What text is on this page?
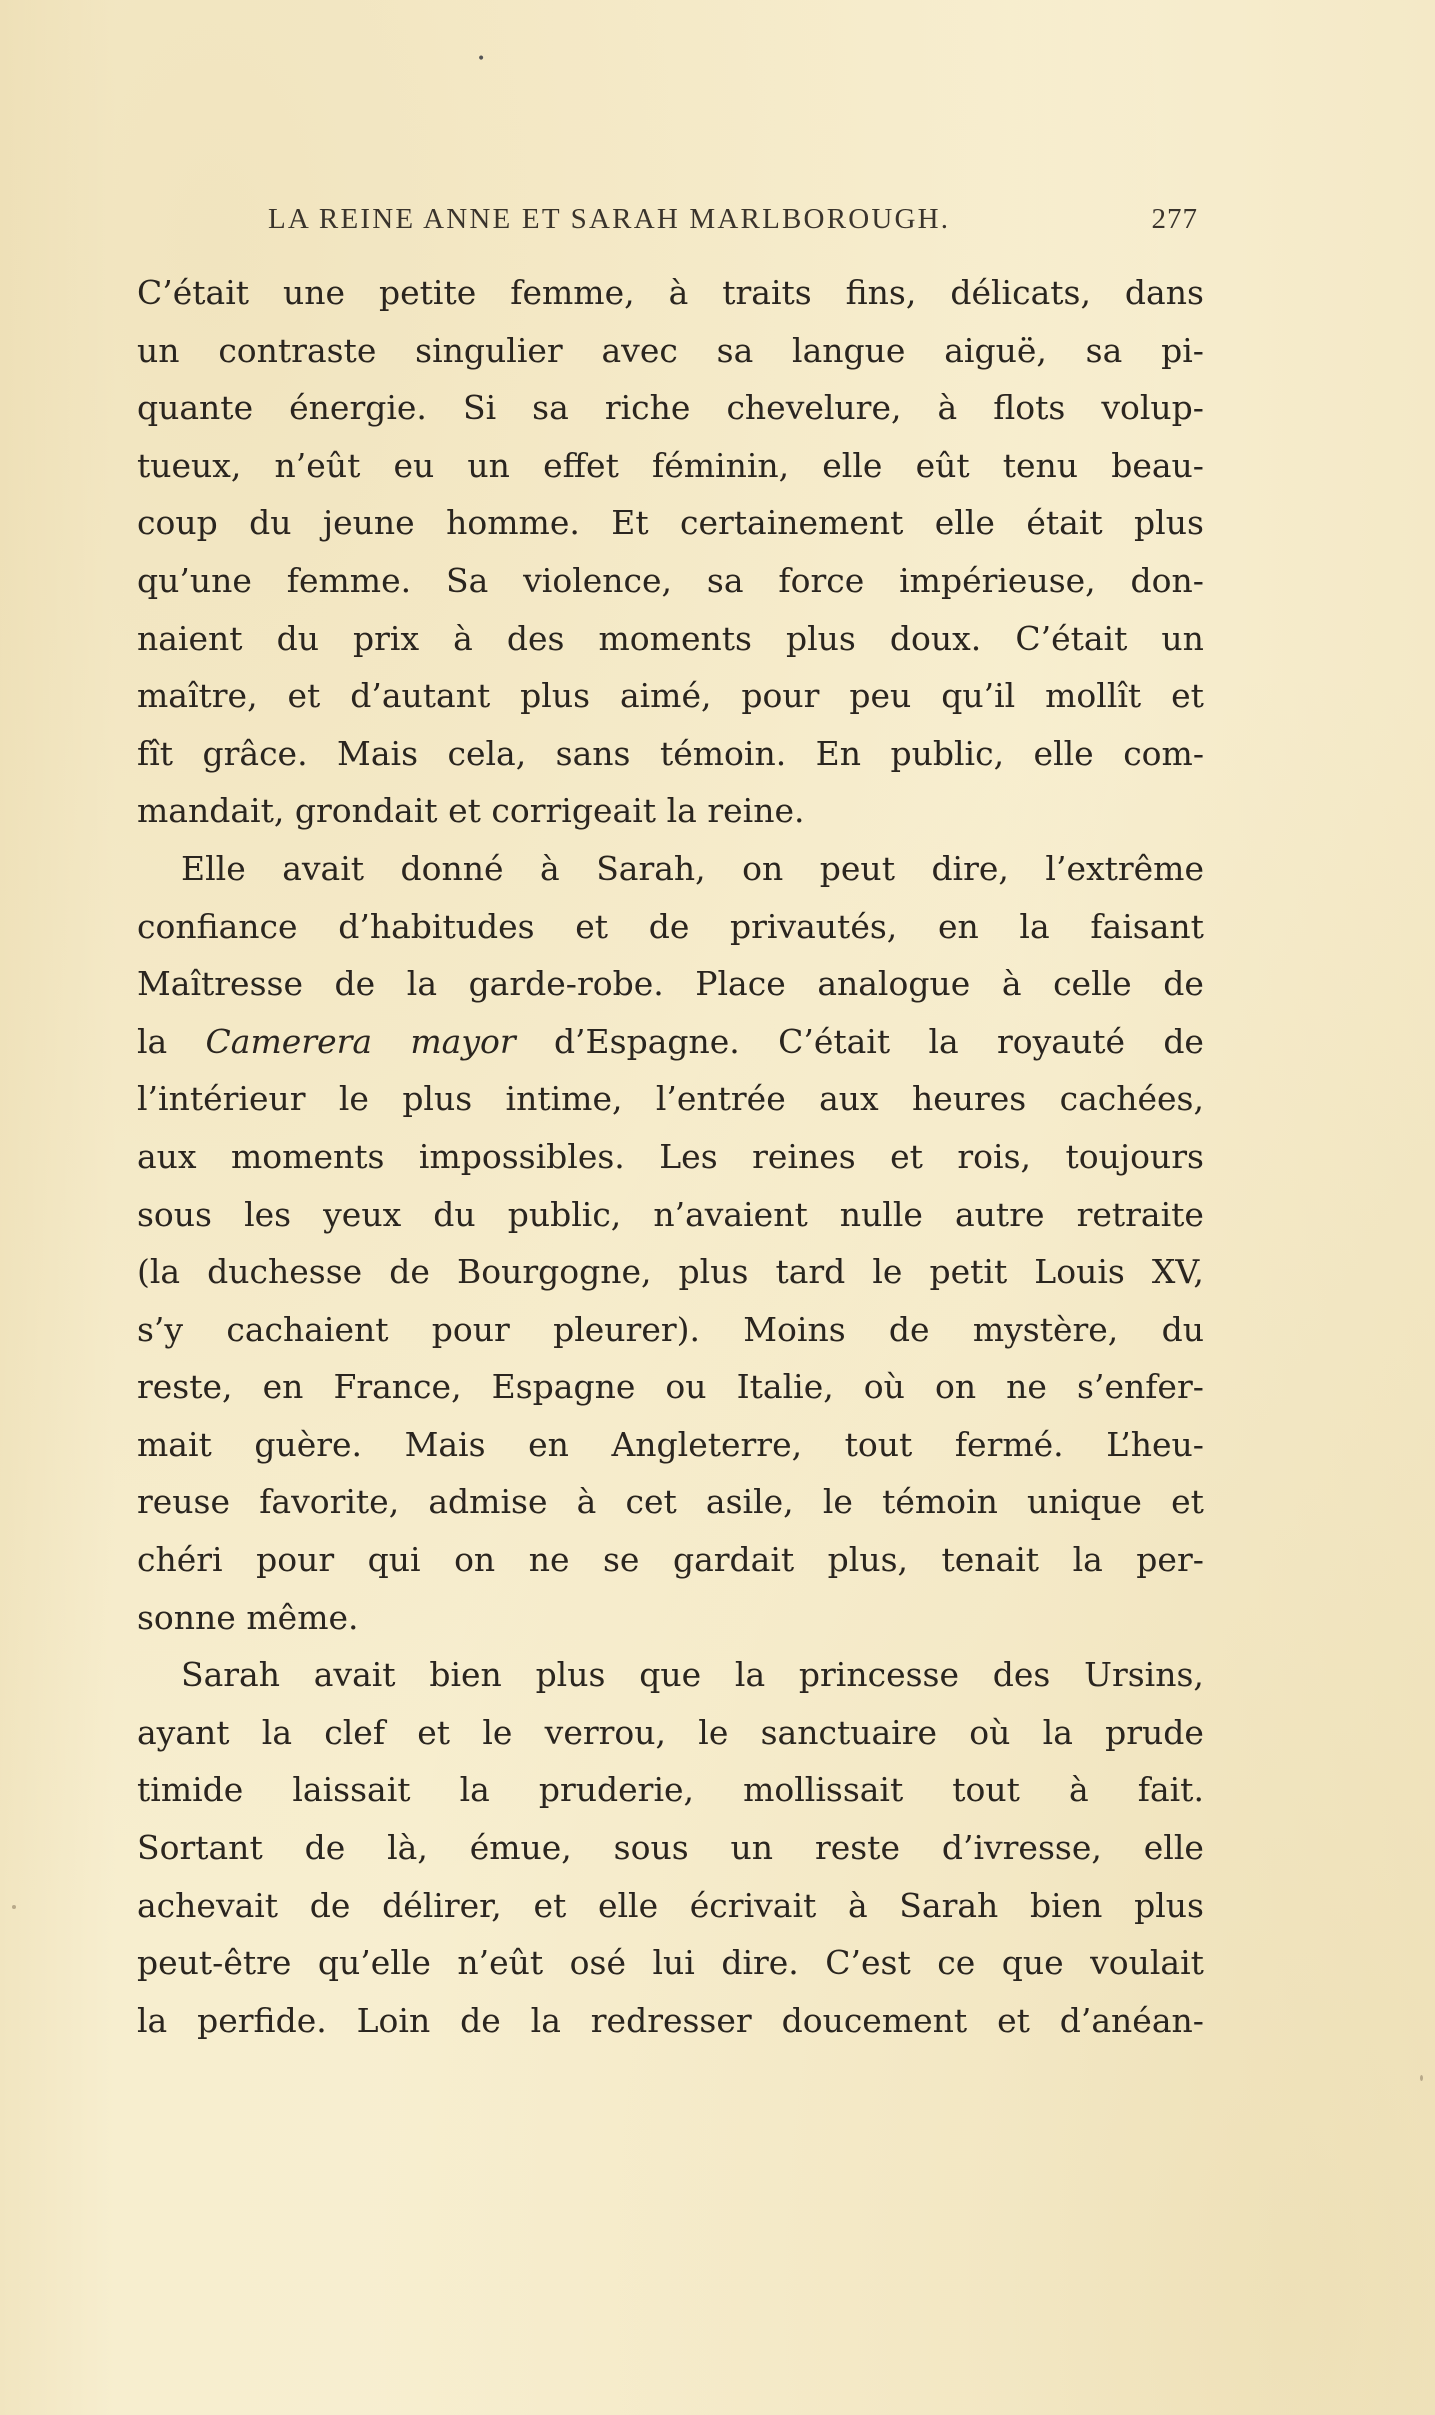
•
LA REINE ANNE ET SARAH MARLBOROUGH.	277
C’était une petite femme, à traits fins, délicats, dans
un contraste singulier avec sa langue aiguë, sa pi-
quante énergie. Si sa riche chevelure, à flots volup-
tueux, n’eût eu un effet féminin, elle eût tenu beau-
coup du jeune homme. Et certainement elle était plus
qu’une femme. Sa violence, sa force impérieuse, don-
naient du prix à des moments plus doux. C’était un
maître, et d’autant plus aimé, pour peu qu’il mollît et
fît grâce. Mais cela, sans témoin. En public, elle com-
mandait, grondait et corrigeait la reine.
Elle avait donné à Sarah, on peut dire, l’extrême
confiance d’habitudes et de privautés, en la faisant
Maîtresse de la garde-robe. Place analogue à celle de
la Camerera mayor d’Espagne. C’était la royauté de
l’intérieur le plus intime, l’entrée aux heures cachées,
aux moments impossibles. Les reines et rois, toujours
sous les yeux du public, n’avaient nulle autre retraite
(la duchesse de Bourgogne, plus tard le petit Louis XV,
s’y cachaient pour pleurer). Moins de mystère, du
reste, en France, Espagne ou Italie, où on ne s’enfer-
mait guère. Mais en Angleterre, tout fermé. L’heu-
reuse favorite, admise à cet asile, le témoin unique et
chéri pour qui on ne se gardait plus, tenait la per-
sonne même.
Sarah avait bien plus que la princesse des Ursins,
ayant la clef et le verrou, le sanctuaire où la prude
timide laissait la pruderie, mollissait tout à fait.
Sortant de là, émue, sous un reste d’ivresse, elle
achevait de délirer, et elle écrivait à Sarah bien plus
peut-être qu’elle n’eût osé lui dire. C’est ce que voulait
la perfide. Loin de la redresser doucement et d’anéan-
